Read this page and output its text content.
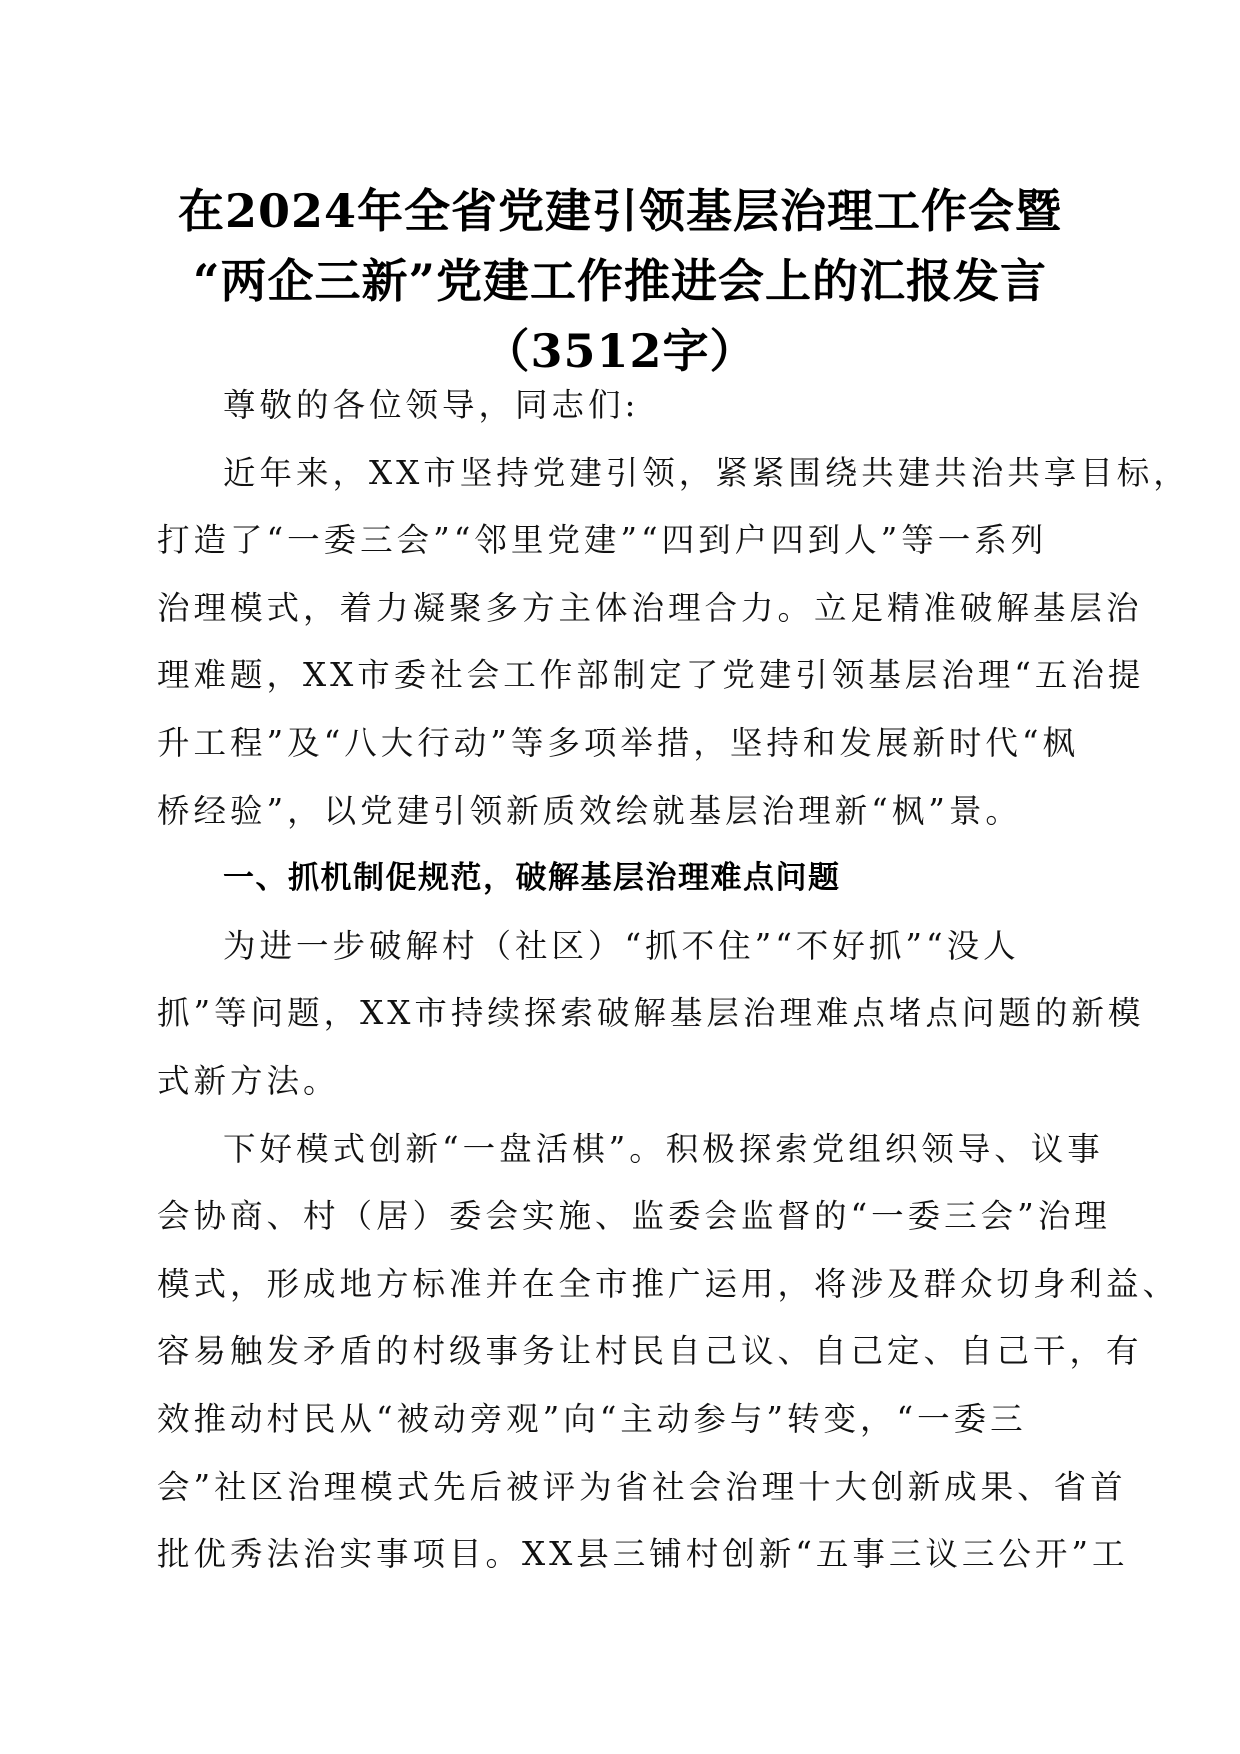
在2024年全省党建引领基层治理工作会暨
“两企三新”党建工作推进会上的汇报发言
（3512字）
尊敬的各位领导，同志们:
近年来，XX市坚持党建引领，紧紧围绕共建共治共享目标，
打造了“一委三会”“邻里党建”“四到户四到人”等一系列
治理模式，着力凝聚多方主体治理合力。立足精准破解基层治
理难题，XX市委社会工作部制定了党建引领基层治理“五治提
升工程”及“八大行动”等多项举措，坚持和发展新时代“枫
桥经验”，以党建引领新质效绘就基层治理新“枫”景。
一、抓机制促规范，破解基层治理难点问题
为进一步破解村（社区）“抓不住”“不好抓”“没人
抓”等问题，XX市持续探索破解基层治理难点堵点问题的新模
式新方法。
下好模式创新“一盘活棋”。积极探索党组织领导、议事
会协商、村（居）委会实施、监委会监督的“一委三会”治理
模式，形成地方标准并在全市推广运用，将涉及群众切身利益、
容易触发矛盾的村级事务让村民自己议、自己定、自己干，有
效推动村民从“被动旁观”向“主动参与”转变，“一委三
会”社区治理模式先后被评为省社会治理十大创新成果、省首
批优秀法治实事项目。XX县三铺村创新“五事三议三公开”工
